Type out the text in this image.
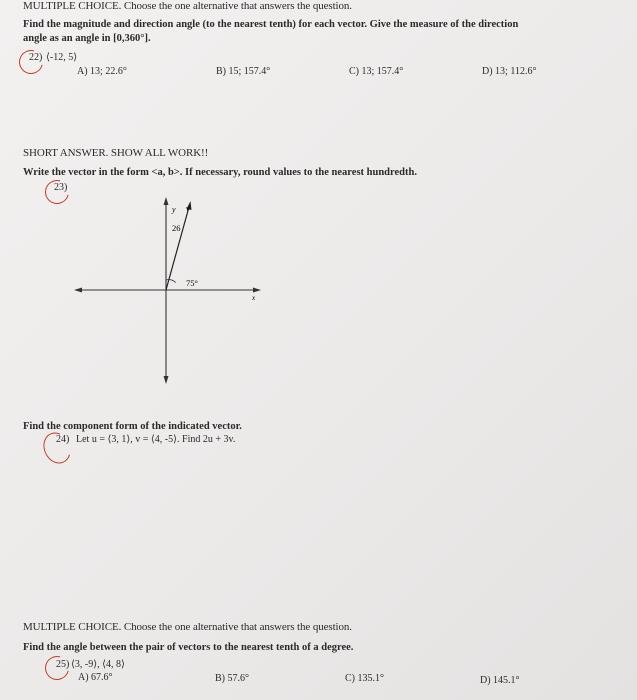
MULTIPLE CHOICE. Choose the one alternative that answers the question.
Find the magnitude and direction angle (to the nearest tenth) for each vector. Give the measure of the direction
angle as an angle in [0,360°].
22) ⟨-12, 5⟩
A) 13; 22.6°	B) 15; 157.4°	C) 13; 157.4°	D) 13; 112.6°
SHORT ANSWER. SHOW ALL WORK!!
Write the vector in the form <a, b>. If necessary, round values to the nearest hundredth.
23)
y v
26
75°
x
Find the component form of the indicated vector.
24) Let u = ⟨3, 1⟩, v = ⟨4, -5⟩. Find 2u + 3v.
MULTIPLE CHOICE. Choose the one alternative that answers the question.
Find the angle between the pair of vectors to the nearest tenth of a degree.
25) ⟨3, -9⟩, ⟨4, 8⟩
A) 67.6°	B) 57.6°	C) 135.1°	D) 145.1°
